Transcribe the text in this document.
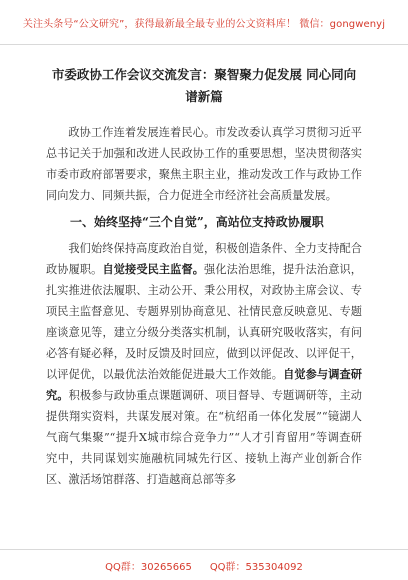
关注头条号“公文研究”，获得最新最全最专业的公文资料库！ 微信：gongwenyj
市委政协工作会议交流发言：聚智聚力促发展 同心同向谱新篇

政协工作连着发展连着民心。市发改委认真学习贯彻习近平总书记关于加强和改进人民政协工作的重要思想，坚决贯彻落实市委市政府部署要求，聚焦主职主业，推动发改工作与政协工作同向发力、同频共振，合力促进全市经济社会高质量发展。

一、始终坚持“三个自觉”，高站位支持政协履职

我们始终保持高度政治自觉，积极创造条件、全力支持配合政协履职。自觉接受民主监督。强化法治思维，提升法治意识，扎实推进依法履职、主动公开、秉公用权，对政协主席会议、专项民主监督意见、专题界别协商意见、社情民意反映意见、专题座谈意见等，建立分级分类落实机制，认真研究吸收落实，有问必答有疑必释，及时反馈及时回应，做到以评促改、以评促干，以评促优，以最优法治效能促进最大工作效能。自觉参与调查研究。积极参与政协重点课题调研、项目督导、专题调研等，主动提供翔实资料，共谋发展对策。在“杭绍甬一体化发展”“镜湖人气商气集聚”“提升X城市综合竞争力”“人才引育留用”等调查研究中，共同谋划实施融杭同城先行区、接轨上海产业创新合作区、激活场馆群落、打造越商总部等多

QQ群：30265665 QQ群：535304092
